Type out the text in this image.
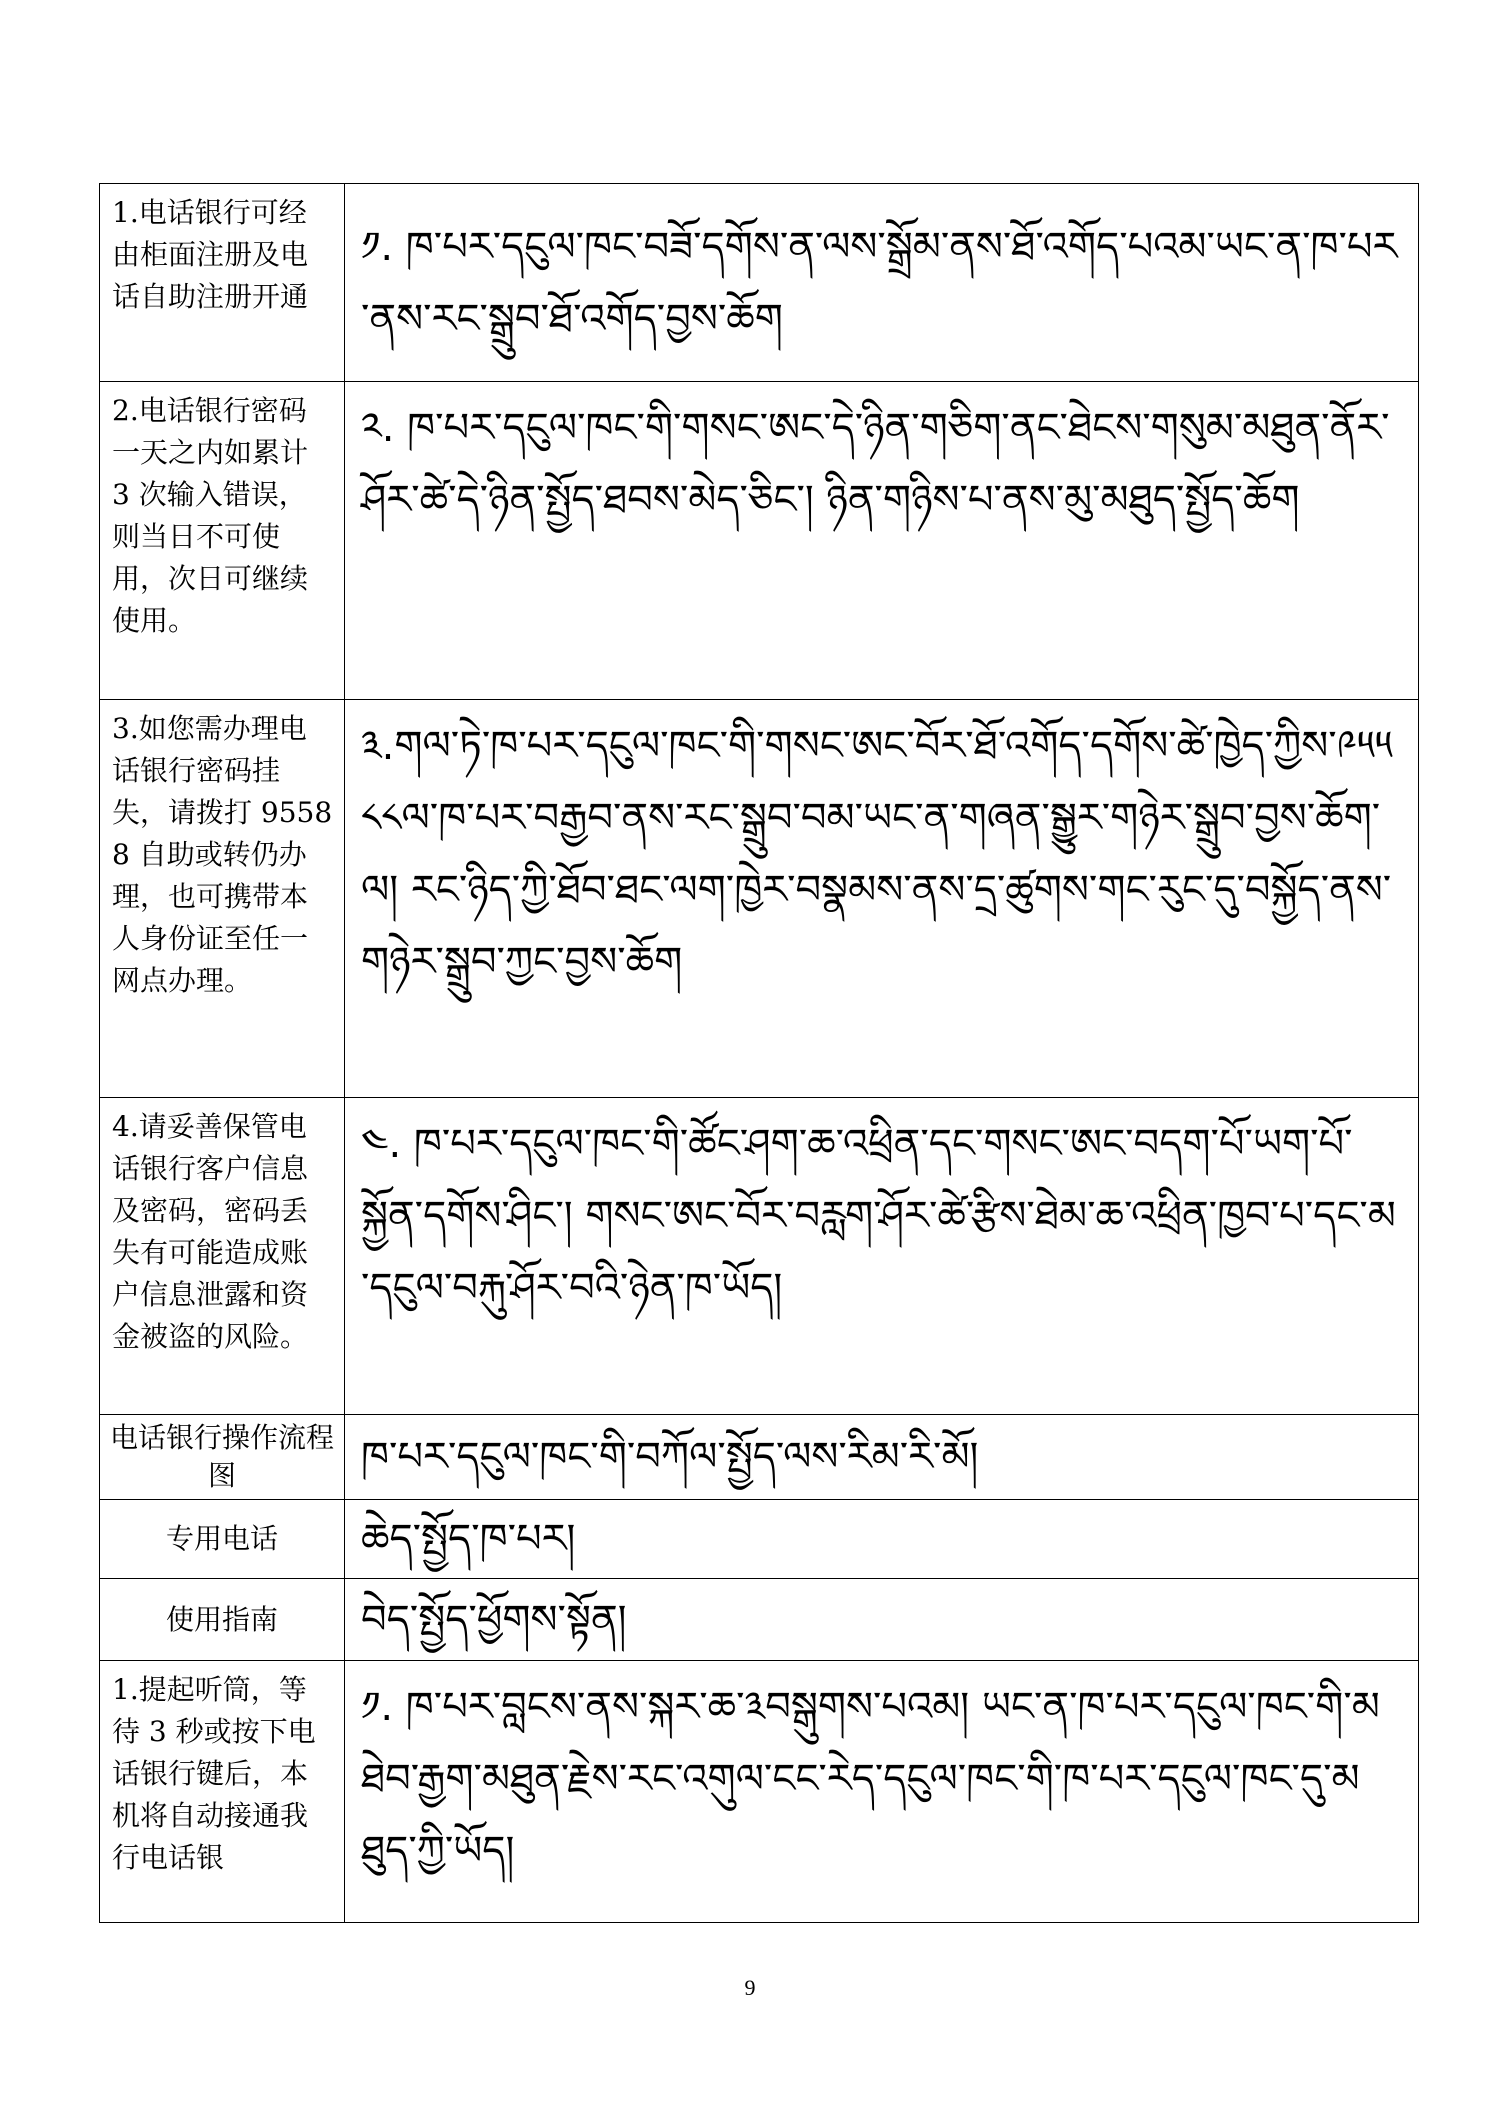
1.电话银行可经由柜面注册及电话自助注册开通	༡. ཁ་པར་དངུལ་ཁང་བཟོ་དགོས་ན་ལས་སྒྲོམ་ནས་ཐོ་འགོད་པའམ་ཡང་ན་ཁ་པར་ནས་རང་སྒྲུབ་ཐོ་འགོད་བྱས་ཆོག
2.电话银行密码一天之内如累计 3 次输入错误，则当日不可使用，次日可继续使用。	༢. ཁ་པར་དངུལ་ཁང་གི་གསང་ཨང་དེ་ཉིན་གཅིག་ནང་ཐེངས་གསུམ་མཐུན་ནོར་ཤོར་ཚེ་དེ་ཉིན་སྤྱོད་ཐབས་མེད་ཅིང་། ཉིན་གཉིས་པ་ནས་མུ་མཐུད་སྤྱོད་ཆོག
3.如您需办理电话银行密码挂失，请拨打 95588 自助或转仍办理，也可携带本人身份证至任一网点办理。	༣.གལ་ཏེ་ཁ་པར་དངུལ་ཁང་གི་གསང་ཨང་བོར་ཐོ་འགོད་དགོས་ཚེ་ཁྱེད་ཀྱིས་༩༥༥༨༨ལ་ཁ་པར་བརྒྱབ་ནས་རང་སྒྲུབ་བམ་ཡང་ན་གཞན་སྒྱུར་གཉེར་སྒྲུབ་བྱས་ཆོག་ལ། རང་ཉིད་ཀྱི་ཐོབ་ཐང་ལག་ཁྱེར་བསྣམས་ནས་དྲ་ཚུགས་གང་རུང་དུ་བསྐྱོད་ནས་གཉེར་སྒྲུབ་ཀྱང་བྱས་ཆོག
4.请妥善保管电话银行客户信息及密码，密码丢失有可能造成账户信息泄露和资金被盗的风险。	༤. ཁ་པར་དངུལ་ཁང་གི་ཚོང་ཤག་ཆ་འཕྲིན་དང་གསང་ཨང་བདག་པོ་ཡག་པོ་སྐྱོན་དགོས་ཤིང་། གསང་ཨང་བོར་བརླག་ཤོར་ཚེ་རྩིས་ཐེམ་ཆ་འཕྲིན་ཁྱབ་པ་དང་མ་དངུལ་བརྐུ་ཤོར་བའི་ཉེན་ཁ་ཡོད།
电话银行操作流程图	ཁ་པར་དངུལ་ཁང་གི་བཀོལ་སྤྱོད་ལས་རིམ་རི་མོ།
专用电话	ཆེད་སྤྱོད་ཁ་པར།
使用指南	བེད་སྤྱོད་ཕྱོགས་སྟོན།
1.提起听筒，等待 3 秒或按下电话银行键后，本机将自动接通我行电话银	༡. ཁ་པར་བླངས་ནས་སྐར་ཆ་༣བསྒུགས་པའམ། ཡང་ན་ཁ་པར་དངུལ་ཁང་གི་མཐེབ་རྒྱག་མཐུན་རྗེས་རང་འགུལ་ངང་རེད་དངུལ་ཁང་གི་ཁ་པར་དངུལ་ཁང་དུ་མཐུད་ཀྱི་ཡོད།
9
